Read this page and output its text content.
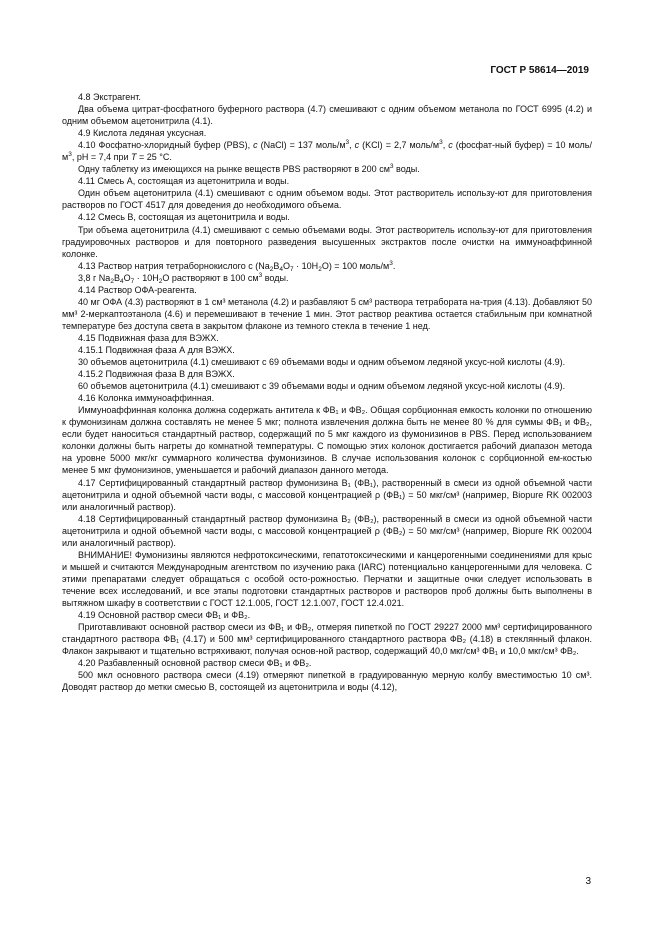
ГОСТ Р 58614—2019

4.8 Экстрагент.

Два объема цитрат-фосфатного буферного раствора (4.7) смешивают с одним объемом метанола по ГОСТ 6995 (4.2) и одним объемом ацетонитрила (4.1).

4.9 Кислота ледяная уксусная.

4.10 Фосфатно-хлоридный буфер (PBS), c (NaCl) = 137 моль/$м^3$, c (KCl) = 2,7 моль/$м^3$, c (фосфат-ный буфер) = 10 моль/$м^3$, рН = 7,4 при T = 25 °С.

Одну таблетку из имеющихся на рынке веществ PBS растворяют в 200 $см^3$ воды.

4.11 Смесь А, состоящая из ацетонитрила и воды.

Один объем ацетонитрила (4.1) смешивают с одним объемом воды. Этот растворитель использу-ют для приготовления растворов по ГОСТ 4517 для доведения до необходимого объема.

4.12 Смесь В, состоящая из ацетонитрила и воды.

Три объема ацетонитрила (4.1) смешивают с семью объемами воды. Этот растворитель использу-ют для приготовления градуировочных растворов и для повторного разведения высушенных экстрактов после очистки на иммуноаффинной колонке.

4.13 Раствор натрия тетраборнокислого с $(Na_2B_4O_7 \cdot 10H_2O) = 100$ моль/$м^3$.

3,8 г $Na_2B_4O_7 \cdot 10H_2O$ растворяют в 100 $см^3$ воды.

4.14 Раствор ОФА-реагента.

40 мг ОФА (4.3) растворяют в 1 см³ метанола (4.2) и разбавляют 5 см³ раствора тетрабората на-трия (4.13). Добавляют 50 мм³ 2-меркаптоэтанола (4.6) и перемешивают в течение 1 мин. Этот раствор реактива остается стабильным при комнатной температуре без доступа света в закрытом флаконе из темного стекла в течение 1 нед.

4.15 Подвижная фаза для ВЭЖХ.

4.15.1 Подвижная фаза А для ВЭЖХ.

30 объемов ацетонитрила (4.1) смешивают с 69 объемами воды и одним объемом ледяной уксус-ной кислоты (4.9).

4.15.2 Подвижная фаза В для ВЭЖХ.

60 объемов ацетонитрила (4.1) смешивают с 39 объемами воды и одним объемом ледяной уксус-ной кислоты (4.9).

4.16 Колонка иммуноаффинная.

Иммуноаффинная колонка должна содержать антитела к ФВ₁ и ФВ₂. Общая сорбционная емкость колонки по отношению к фумонизинам должна составлять не менее 5 мкг; полнота извлечения должна быть не менее 80 % для суммы ФВ₁ и ФВ₂, если будет наноситься стандартный раствор, содержащий по 5 мкг каждого из фумонизинов в PBS. Перед использованием колонки должны быть нагреты до комнатной температуры. С помощью этих колонок достигается рабочий диапазон метода на уровне 5000 мкг/кг суммарного количества фумонизинов. В случае использования колонок с сорбционной ем-костью менее 5 мкг фумонизинов, уменьшается и рабочий диапазон данного метода.

4.17 Сертифицированный стандартный раствор фумонизина В₁ (ФВ₁), растворенный в смеси из одной объемной части ацетонитрила и одной объемной части воды, с массовой концентрацией ρ (ФВ₁) = 50 мкг/см³ (например, Biopure RK 002003 или аналогичный раствор).

4.18 Сертифицированный стандартный раствор фумонизина В₂ (ФВ₂), растворенный в смеси из одной объемной части ацетонитрила и одной объемной части воды, с массовой концентрацией ρ (ФВ₂) = 50 мкг/см³ (например, Biopure RK 002004 или аналогичный раствор).

ВНИМАНИЕ! Фумонизины являются нефротоксическими, гепатотоксическими и канцерогенными соединениями для крыс и мышей и считаются Международным агентством по изучению рака (IARC) потенциально канцерогенными для человека. С этими препаратами следует обращаться с особой осто-рожностью. Перчатки и защитные очки следует использовать в течение всех исследований, и все этапы подготовки стандартных растворов и растворов проб должны быть выполнены в вытяжном шкафу в соответствии с ГОСТ 12.1.005, ГОСТ 12.1.007, ГОСТ 12.4.021.

4.19 Основной раствор смеси ФВ₁ и ФВ₂.

Приготавливают основной раствор смеси из ФВ₁ и ФВ₂, отмеряя пипеткой по ГОСТ 29227 2000 мм³ сертифицированного стандартного раствора ФВ₁ (4.17) и 500 мм³ сертифицированного стандартного раствора ФВ₂ (4.18) в стеклянный флакон. Флакон закрывают и тщательно встряхивают, получая основ-ной раствор, содержащий 40,0 мкг/см³ ФВ₁ и 10,0 мкг/см³ ФВ₂.

4.20 Разбавленный основной раствор смеси ФВ₁ и ФВ₂.

500 мкл основного раствора смеси (4.19) отмеряют пипеткой в градуированную мерную колбу вместимостью 10 см³. Доводят раствор до метки смесью В, состоящей из ацетонитрила и воды (4.12),

3
